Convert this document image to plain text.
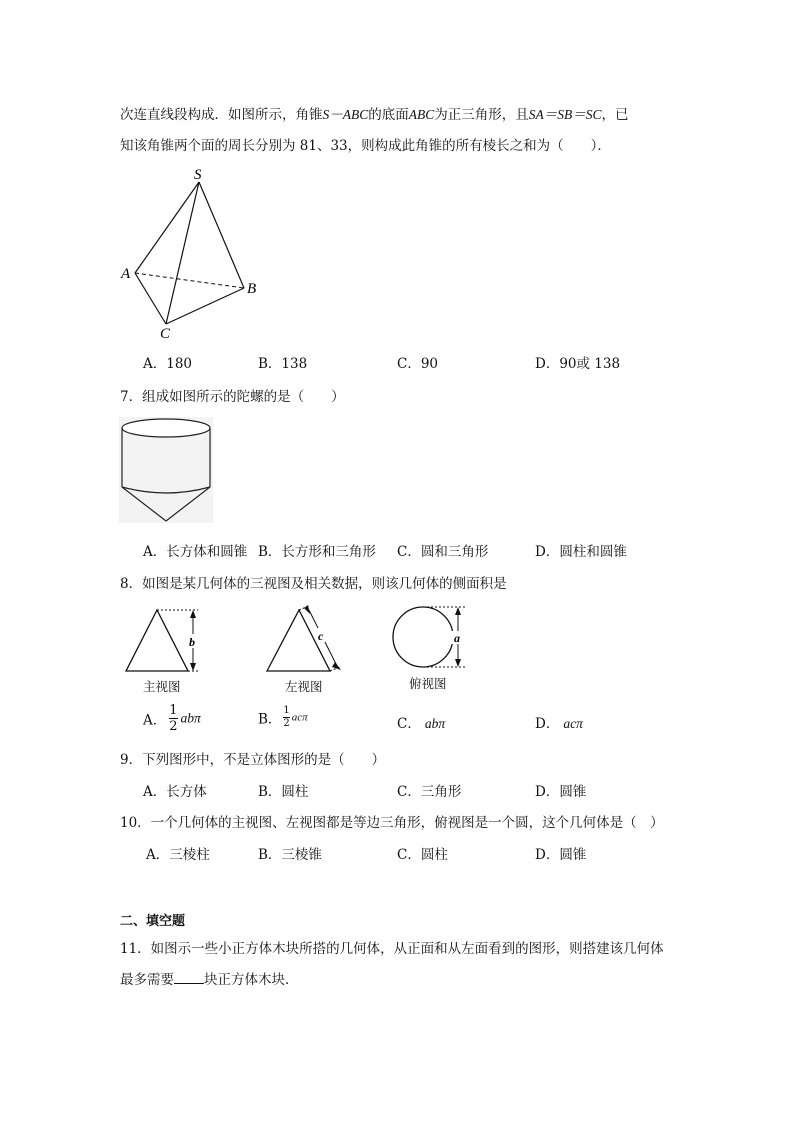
次连直线段构成．如图所示，角锥S－ABC的底面ABC为正三角形，且SA＝SB＝SC，已
知该角锥两个面的周长分别为 81、33，则构成此角锥的所有棱长之和为（　　）．
S
A
B
C
A．180	B．138	C．90	D．90或 138
7．组成如图所示的陀螺的是（　　）
A．长方体和圆锥 B．长方形和三角形 C．圆和三角形	D．圆柱和圆锥
8．如图是某几何体的三视图及相关数据，则该几何体的侧面积是
b
主视图
c
左视图
a
俯视图
A． $\frac{1}{2}$ abπ	B． $\frac{1}{2}$ acπ	C． abπ	D． acπ
9．下列图形中，不是立体图形的是（　　）
A．长方体	B．圆柱	C．三角形	D．圆锥
10．一个几何体的主视图、左视图都是等边三角形，俯视图是一个圆，这个几何体是（　）
A．三棱柱	B．三棱锥	C．圆柱	D．圆锥
二、填空题
11．如图示一些小正方体木块所搭的几何体，从正面和从左面看到的图形，则搭建该几何体
最多需要 块正方体木块．
